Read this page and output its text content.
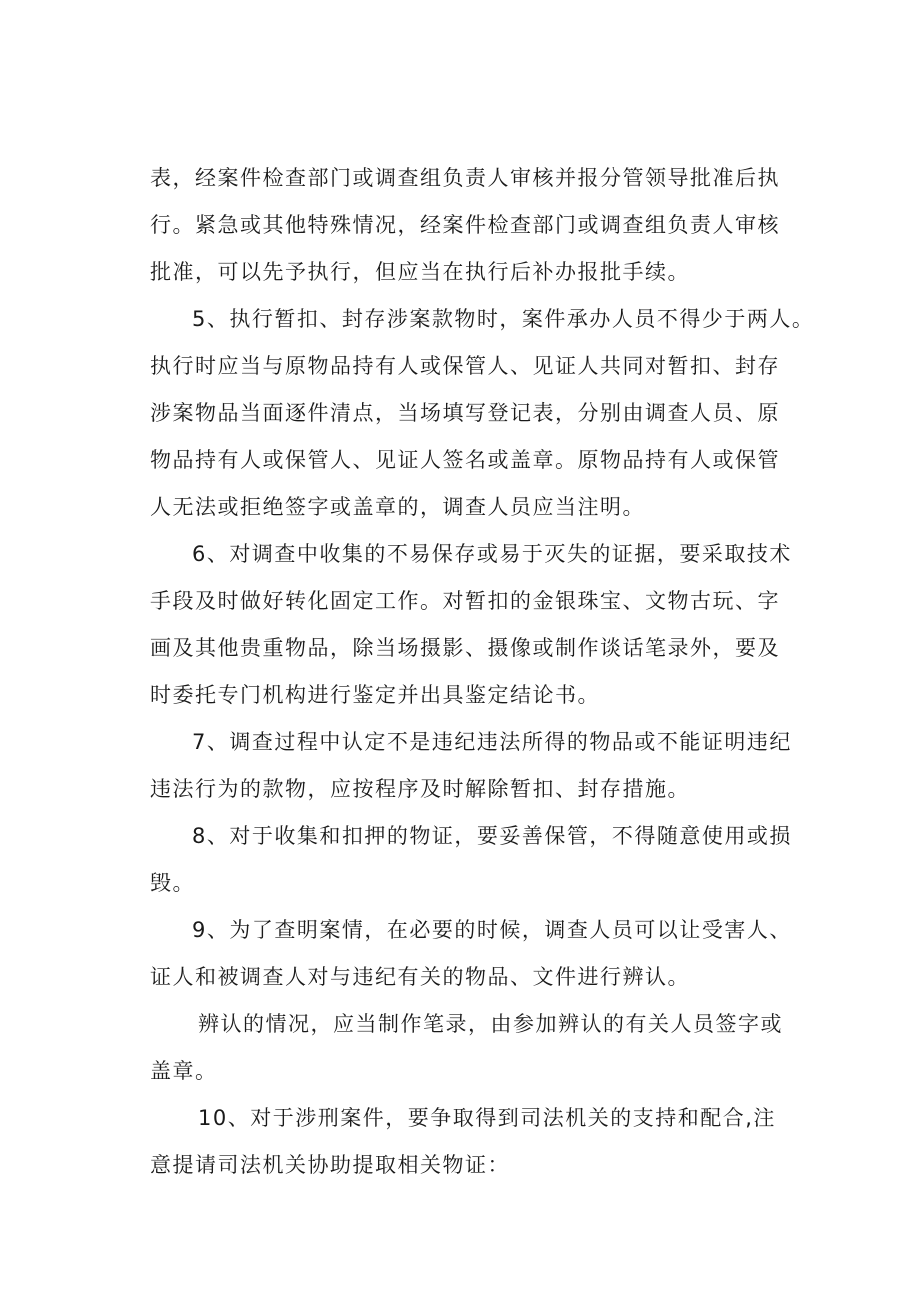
表，经案件检查部门或调查组负责人审核并报分管领导批准后执
行。紧急或其他特殊情况，经案件检查部门或调查组负责人审核
批准，可以先予执行，但应当在执行后补办报批手续。
5、执行暂扣、封存涉案款物时，案件承办人员不得少于两人。
执行时应当与原物品持有人或保管人、见证人共同对暂扣、封存
涉案物品当面逐件清点，当场填写登记表，分别由调查人员、原
物品持有人或保管人、见证人签名或盖章。原物品持有人或保管
人无法或拒绝签字或盖章的，调查人员应当注明。
6、对调查中收集的不易保存或易于灭失的证据，要采取技术
手段及时做好转化固定工作。对暂扣的金银珠宝、文物古玩、字
画及其他贵重物品，除当场摄影、摄像或制作谈话笔录外，要及
时委托专门机构进行鉴定并出具鉴定结论书。
7、调查过程中认定不是违纪违法所得的物品或不能证明违纪
违法行为的款物，应按程序及时解除暂扣、封存措施。
8、对于收集和扣押的物证，要妥善保管，不得随意使用或损
毁。
9、为了查明案情，在必要的时候，调查人员可以让受害人、
证人和被调查人对与违纪有关的物品、文件进行辨认。
辨认的情况，应当制作笔录，由参加辨认的有关人员签字或
盖章。
10、对于涉刑案件，要争取得到司法机关的支持和配合,注
意提请司法机关协助提取相关物证：
